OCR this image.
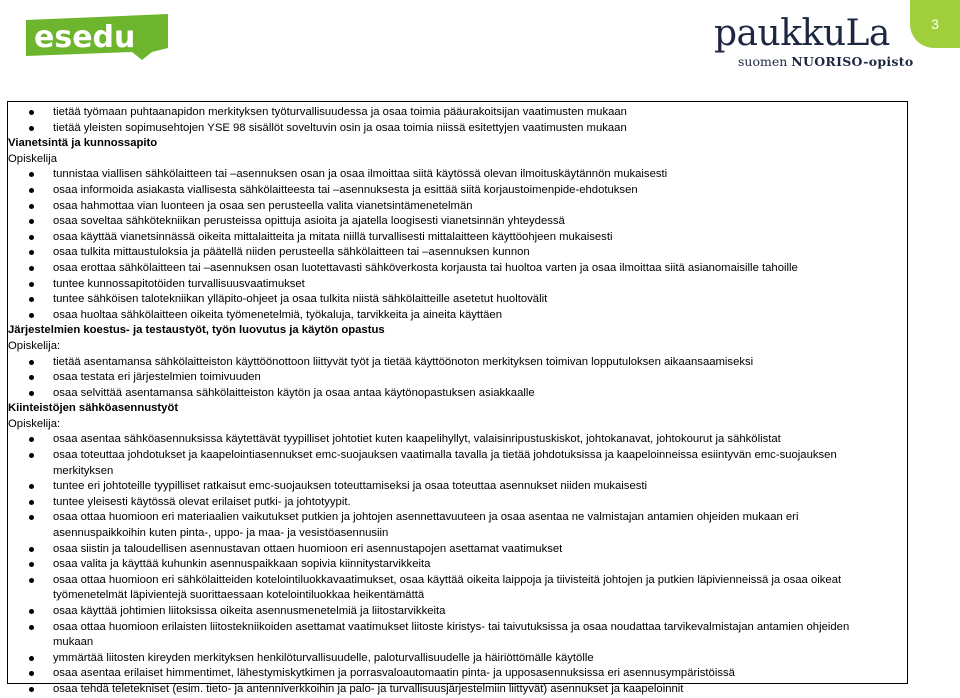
esedu	paukkuLa
suomen NUORISO-opisto
3
tietää työmaan puhtaanapidon merkityksen työturvallisuudessa ja osaa toimia pääurakoitsijan vaatimusten mukaan
tietää yleisten sopimusehtojen YSE 98 sisällöt soveltuvin osin ja osaa toimia niissä esitettyjen vaatimusten mukaan
Vianetsintä ja kunnossapito
Opiskelija
tunnistaa viallisen sähkölaitteen tai –asennuksen osan ja osaa ilmoittaa siitä käytössä olevan ilmoituskäytännön mukaisesti
osaa informoida asiakasta viallisesta sähkölaitteesta tai –asennuksesta ja esittää siitä korjaustoimenpide-ehdotuksen
osaa hahmottaa vian luonteen ja osaa sen perusteella valita vianetsintämenetelmän
osaa soveltaa sähkötekniikan perusteissa opittuja asioita ja ajatella loogisesti vianetsinnän yhteydessä
osaa käyttää vianetsinnässä oikeita mittalaitteita ja mitata niillä turvallisesti mittalaitteen käyttöohjeen mukaisesti
osaa tulkita mittaustuloksia ja päätellä niiden perusteella sähkölaitteen tai –asennuksen kunnon
osaa erottaa sähkölaitteen tai –asennuksen osan luotettavasti sähköverkosta korjausta tai huoltoa varten ja osaa ilmoittaa siitä asianomaisille tahoille
tuntee kunnossapitotöiden turvallisuusvaatimukset
tuntee sähköisen talotekniikan ylläpito-ohjeet ja osaa tulkita niistä sähkölaitteille asetetut huoltovälit
osaa huoltaa sähkölaitteen oikeita työmenetelmiä, työkaluja, tarvikkeita ja aineita käyttäen
Järjestelmien koestus- ja testaustyöt, työn luovutus ja käytön opastus
Opiskelija:
tietää asentamansa sähkölaitteiston käyttöönottoon liittyvät työt ja tietää käyttöönoton merkityksen toimivan lopputuloksen aikaansaamiseksi
osaa testata eri järjestelmien toimivuuden
osaa selvittää asentamansa sähkölaitteiston käytön ja osaa antaa käytönopastuksen asiakkaalle
Kiinteistöjen sähköasennustyöt
Opiskelija:
osaa asentaa sähköasennuksissa käytettävät tyypilliset johtotiet kuten kaapelihyllyt, valaisinripustuskiskot, johtokanavat, johtokourut ja sähkölistat
osaa toteuttaa johdotukset ja kaapelointiasennukset emc-suojauksen vaatimalla tavalla ja tietää johdotuksissa ja kaapeloinneissa esiintyvän emc-suojauksen merkityksen
tuntee eri johtoteille tyypilliset ratkaisut emc-suojauksen toteuttamiseksi ja osaa toteuttaa asennukset niiden mukaisesti
tuntee yleisesti käytössä olevat erilaiset putki- ja johtotyypit.
osaa ottaa huomioon eri materiaalien vaikutukset putkien ja johtojen asennettavuuteen ja osaa asentaa ne valmistajan antamien ohjeiden mukaan eri asennuspaikkoihin kuten pinta-, uppo- ja maa- ja vesistöasennusiin
osaa siistin ja taloudellisen asennustavan ottaen huomioon eri asennustapojen asettamat vaatimukset
osaa valita ja käyttää kuhunkin asennuspaikkaan sopivia kiinnitystarvikkeita
osaa ottaa huomioon eri sähkölaitteiden kotelointiluokkavaatimukset, osaa käyttää oikeita laippoja ja tiivisteitä johtojen ja putkien läpivienneissä ja osaa oikeat työmenetelmät läpivientejä suorittaessaan kotelointiluokkaa heikentämättä
osaa käyttää johtimien liitoksissa oikeita asennusmenetelmiä ja liitostarvikkeita
osaa ottaa huomioon erilaisten liitostekniikoiden asettamat vaatimukset liitoste kiristys- tai taivutuksissa ja osaa noudattaa tarvikevalmistajan antamien ohjeiden mukaan
ymmärtää liitosten kireyden merkityksen henkilöturvallisuudelle, paloturvallisuudelle ja häiriöttömälle käytölle
osaa asentaa erilaiset himmentimet, lähestymiskytkimen ja porrasvaloautomaatin pinta- ja upposasennuksissa eri asennusympäristöissä
osaa tehdä teletekniset (esim. tieto- ja antenniverkkoihin ja palo- ja turvallisuusjärjestelmiin liittyvät) asennukset ja kaapeloinnit
